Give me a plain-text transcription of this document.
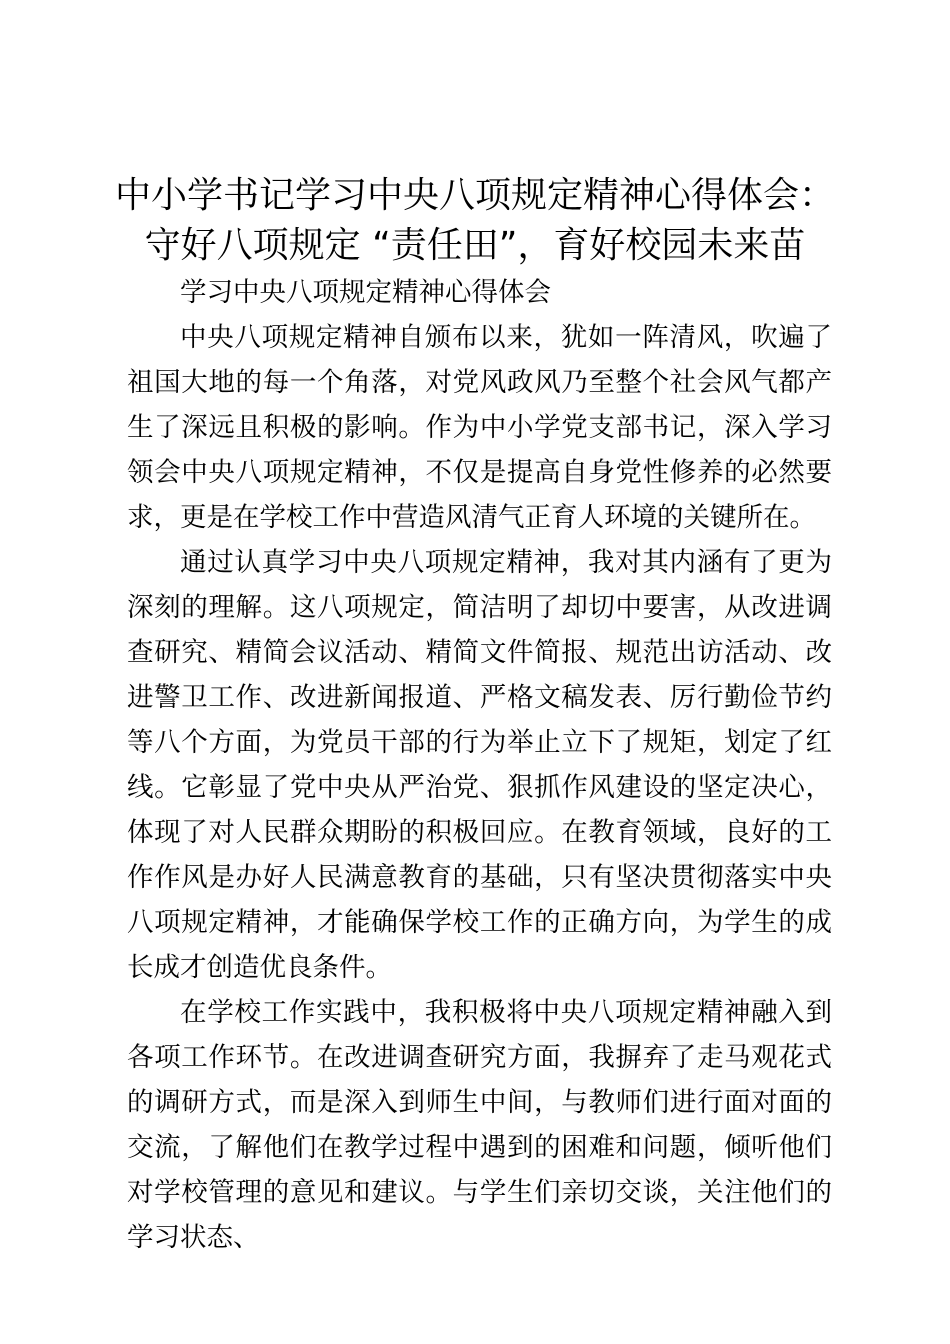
中小学书记学习中央八项规定精神心得体会：
守好八项规定 “责任田”，育好校园未来苗

学习中央八项规定精神心得体会

中央八项规定精神自颁布以来，犹如一阵清风，吹遍了祖国大地的每一个角落，对党风政风乃至整个社会风气都产生了深远且积极的影响。作为中小学党支部书记，深入学习领会中央八项规定精神，不仅是提高自身党性修养的必然要求，更是在学校工作中营造风清气正育人环境的关键所在。

通过认真学习中央八项规定精神，我对其内涵有了更为深刻的理解。这八项规定，简洁明了却切中要害，从改进调查研究、精简会议活动、精简文件简报、规范出访活动、改进警卫工作、改进新闻报道、严格文稿发表、厉行勤俭节约等八个方面，为党员干部的行为举止立下了规矩，划定了红线。它彰显了党中央从严治党、狠抓作风建设的坚定决心，体现了对人民群众期盼的积极回应。在教育领域，良好的工作作风是办好人民满意教育的基础，只有坚决贯彻落实中央八项规定精神，才能确保学校工作的正确方向，为学生的成长成才创造优良条件。

在学校工作实践中，我积极将中央八项规定精神融入到各项工作环节。在改进调查研究方面，我摒弃了走马观花式的调研方式，而是深入到师生中间，与教师们进行面对面的交流，了解他们在教学过程中遇到的困难和问题，倾听他们对学校管理的意见和建议。与学生们亲切交谈，关注他们的学习状态、
